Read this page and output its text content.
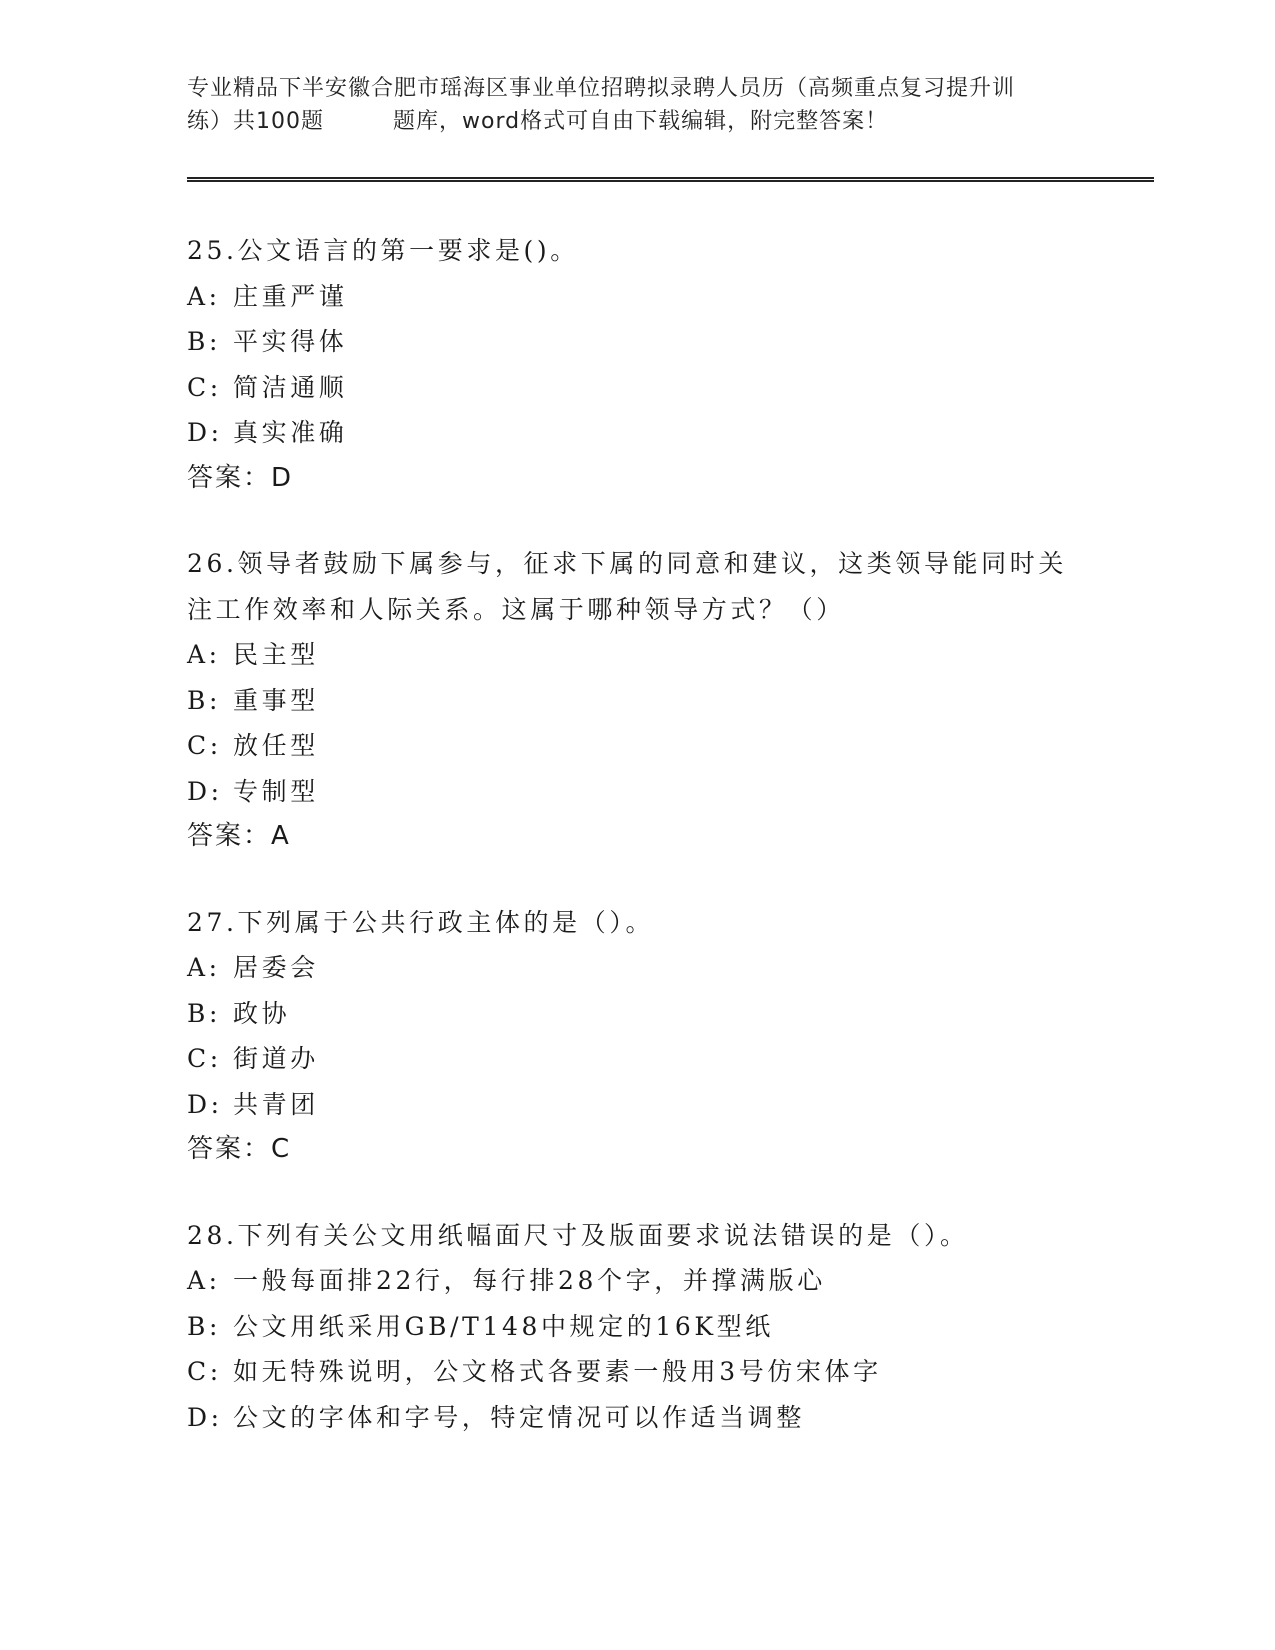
专业精品下半安徽合肥市瑶海区事业单位招聘拟录聘人员历（高频重点复习提升训
练）共100题　　　题库，word格式可自由下载编辑，附完整答案！

25.公文语言的第一要求是()。

A: 庄重严谨

B: 平实得体

C: 简洁通顺

D: 真实准确

答案：D

26.领导者鼓励下属参与，征求下属的同意和建议，这类领导能同时关

注工作效率和人际关系。这属于哪种领导方式？（）

A: 民主型

B: 重事型

C: 放任型

D: 专制型

答案：A

27.下列属于公共行政主体的是（）。

A: 居委会

B: 政协

C: 街道办

D: 共青团

答案：C

28.下列有关公文用纸幅面尺寸及版面要求说法错误的是（）。

A: 一般每面排22行，每行排28个字，并撑满版心

B: 公文用纸采用GB/T148中规定的16K型纸

C: 如无特殊说明，公文格式各要素一般用3号仿宋体字

D: 公文的字体和字号，特定情况可以作适当调整
